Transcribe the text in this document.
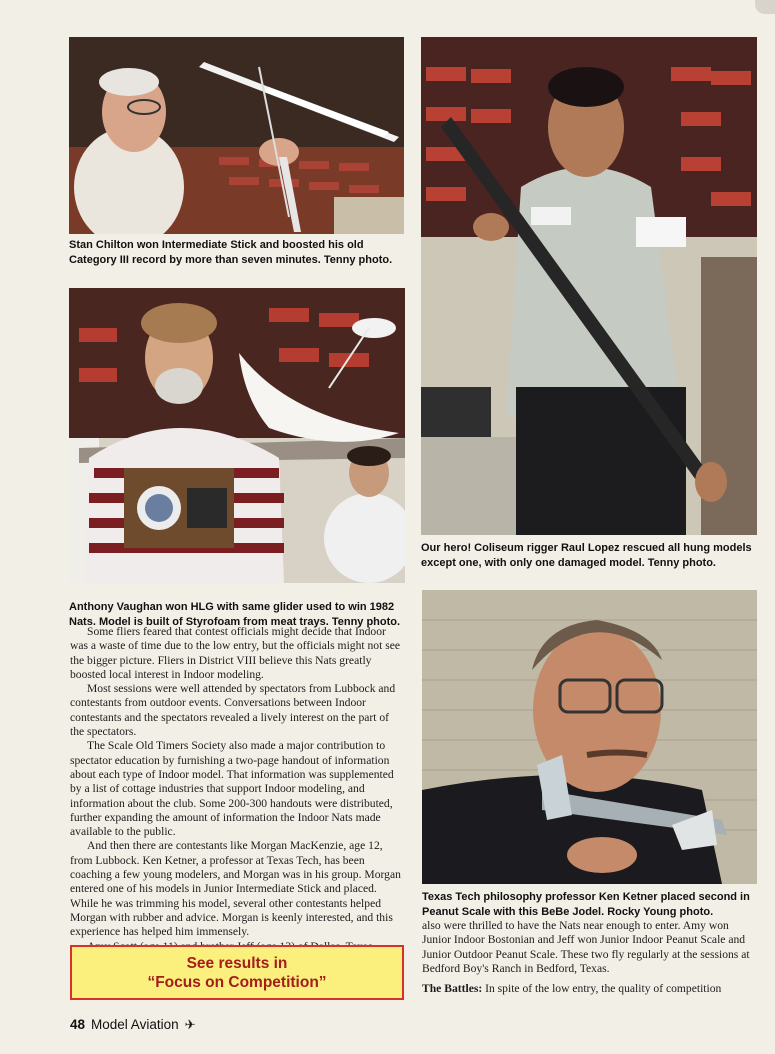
Stan Chilton won Intermediate Stick and boosted his old Category III record by more than seven minutes. Tenny photo.

Our hero! Coliseum rigger Raul Lopez rescued all hung models except one, with only one damaged model. Tenny photo.

Anthony Vaughan won HLG with same glider used to win 1982 Nats. Model is built of Styrofoam from meat trays. Tenny photo.

Texas Tech philosophy professor Ken Ketner placed second in Peanut Scale with this BeBe Jodel. Rocky Young photo.

Some fliers feared that contest officials might decide that Indoor was a waste of time due to the low entry, but the officials might not see the bigger picture. Fliers in District VIII believe this Nats greatly boosted local interest in Indoor modeling.

Most sessions were well attended by spectators from Lubbock and contestants from outdoor events. Conversations between Indoor contestants and the spectators revealed a lively interest on the part of the spectators.

The Scale Old Timers Society also made a major contribution to spectator education by furnishing a two-page handout of information about each type of Indoor model. That information was supplemented by a list of cottage industries that support Indoor modeling, and information about the club. Some 200-300 handouts were distributed, further expanding the amount of information the Indoor Nats made available to the public.

And then there are contestants like Morgan MacKenzie, age 12, from Lubbock. Ken Ketner, a professor at Texas Tech, has been coaching a few young modelers, and Morgan was in his group. Morgan entered one of his models in Junior Intermediate Stick and placed. While he was trimming his model, several other contestants helped Morgan with rubber and advice. Morgan is keenly interested, and this experience has helped him immensely.

See results in
“Focus on Competition”

also were thrilled to have the Nats near enough to enter. Amy won Junior Indoor Bostonian and Jeff won Junior Indoor Peanut Scale and Junior Outdoor Peanut Scale. These two fly regularly at the sessions at Bedford Boy's Ranch in Bedford, Texas.

The Battles: In spite of the low entry, the quality of competition

48 Model Aviation ✈
